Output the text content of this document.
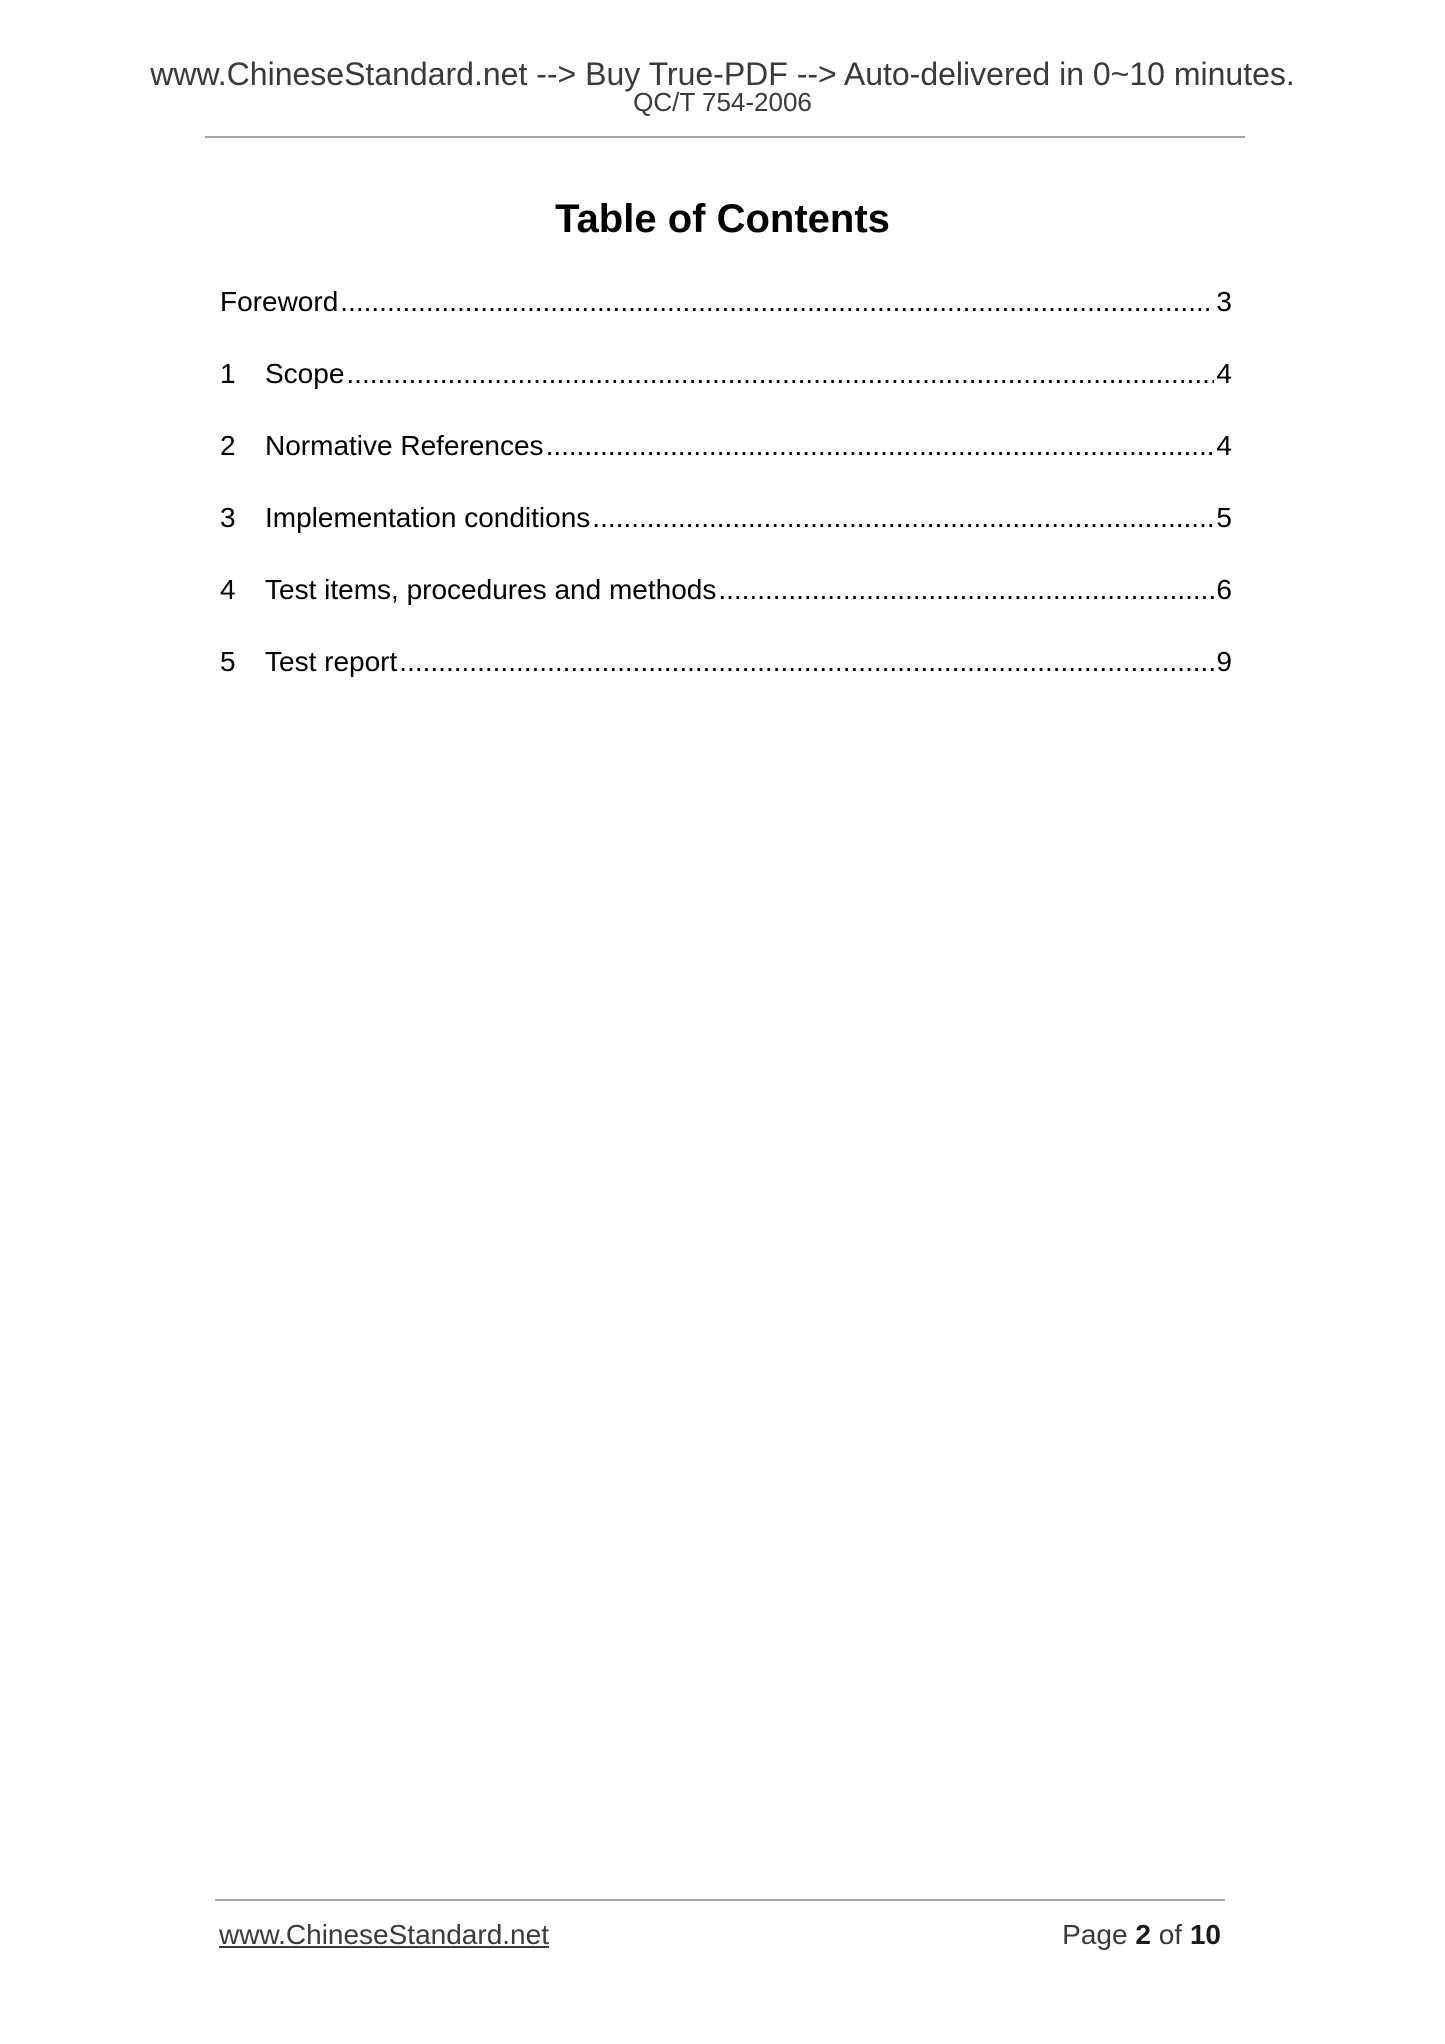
www.ChineseStandard.net --> Buy True-PDF --> Auto-delivered in 0~10 minutes.
QC/T 754-2006
Table of Contents
Foreword .....	3
1	Scope .....	4
2	Normative References .....	4
3	Implementation conditions .....	5
4	Test items, procedures and methods .....	6
5	Test report .....	9
www.ChineseStandard.net	Page 2 of 10
